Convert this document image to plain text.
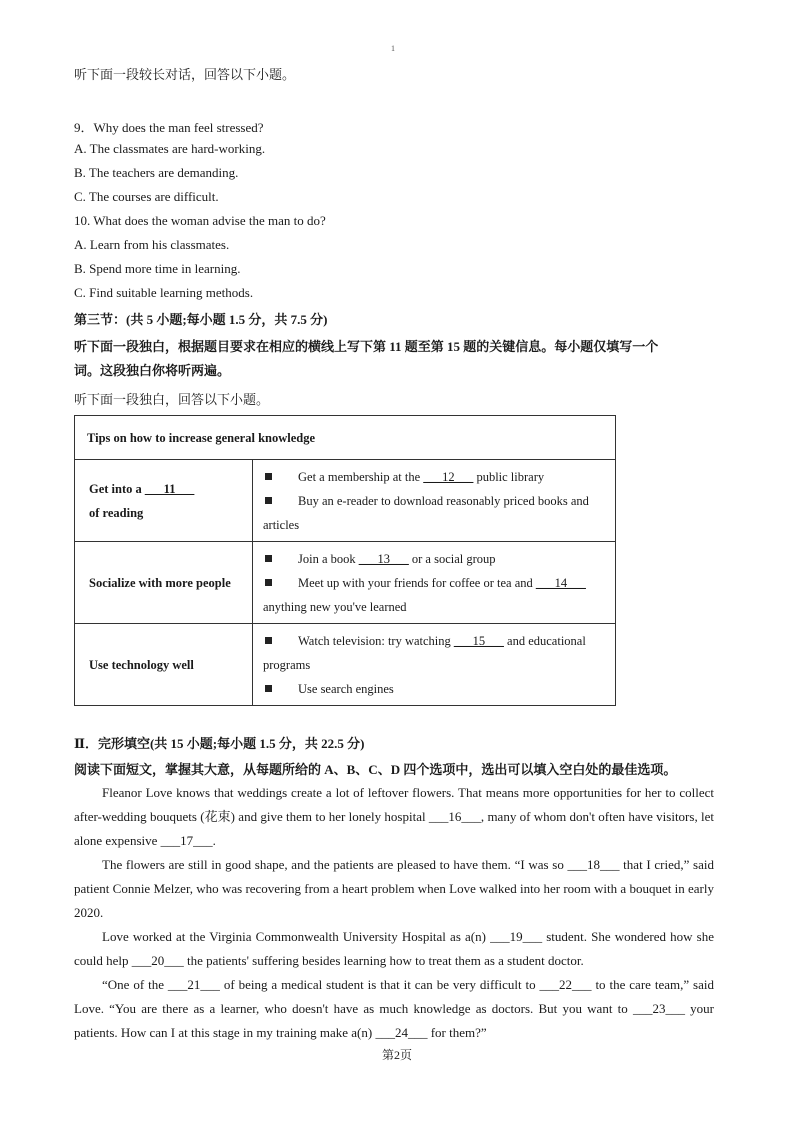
1
听下面一段较长对话，回答以下小题。
9．Why does the man feel stressed?
A. The classmates are hard-working.
B. The teachers are demanding.
C. The courses are difficult.
10. What does the woman advise the man to do?
A. Learn from his classmates.
B. Spend more time in learning.
C. Find suitable learning methods.
第三节：(共 5 小题;每小题 1.5 分，共 7.5 分)
听下面一段独白，根据题目要求在相应的横线上写下第 11 题至第 15 题的关键信息。每小题仅填写一个
词。这段独白你将听两遍。
听下面一段独白，回答以下小题。
Tips on how to increase general knowledge	
Get into a ___11___
of reading	Get a membership at the ___12___ public library
Buy an e-reader to download reasonably priced books and articles

Socialize with more people	Join a book ___13___ or a social group
Meet up with your friends for coffee or tea and ___14___ anything new you've learned

Use technology well	Watch television: try watching ___15___ and educational programs
Use search engines
Ⅱ．完形填空(共 15 小题;每小题 1.5 分，共 22.5 分)
阅读下面短文，掌握其大意，从每题所给的 A、B、C、D 四个选项中，选出可以填入空白处的最佳选项。

Fleanor Love knows that weddings create a lot of leftover flowers. That means more opportunities for her to collect after-wedding bouquets (花束) and give them to her lonely hospital ___16___, many of whom don't often have visitors, let alone expensive ___17___.

The flowers are still in good shape, and the patients are pleased to have them. “I was so ___18___ that I cried,” said patient Connie Melzer, who was recovering from a heart problem when Love walked into her room with a bouquet in early 2020.

Love worked at the Virginia Commonwealth University Hospital as a(n) ___19___ student. She wondered how she could help ___20___ the patients' suffering besides learning how to treat them as a student doctor.

“One of the ___21___ of being a medical student is that it can be very difficult to ___22___ to the care team,” said Love. “You are there as a learner, who doesn't have as much knowledge as doctors. But you want to ___23___ your patients. How can I at this stage in my training make a(n) ___24___ for them?”

第2页
